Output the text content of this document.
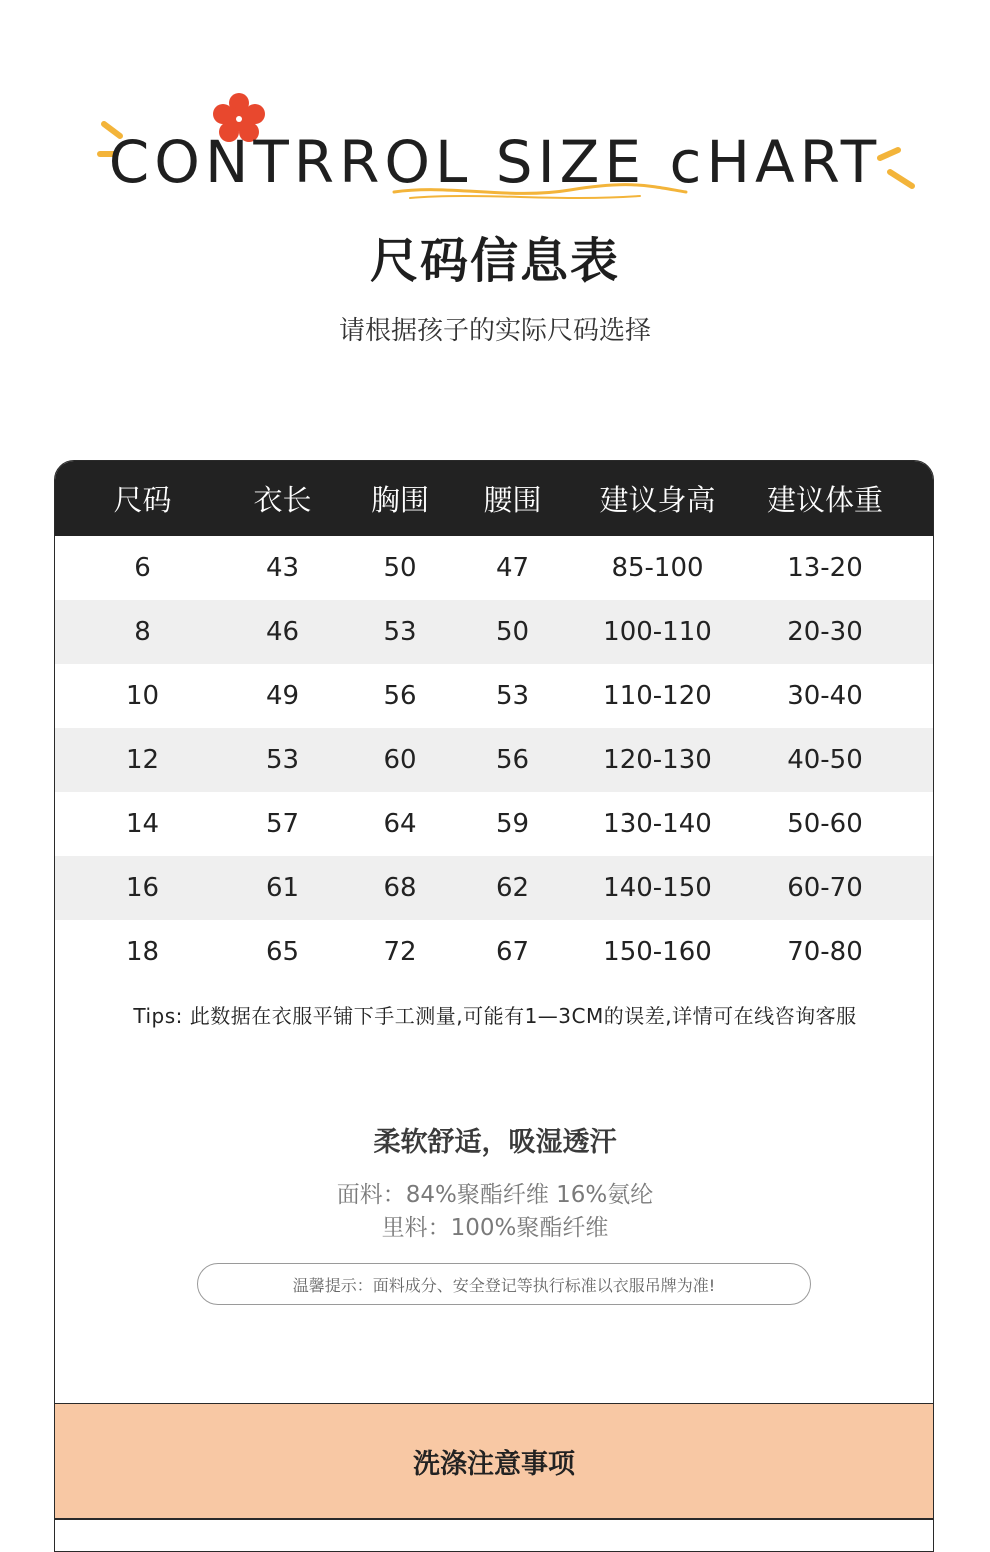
CONTRROL SIZE cHART
尺码信息表
请根据孩子的实际尺码选择
尺码	衣长	胸围	腰围	建议身高	建议体重
6	43	50	47	85-100	13-20
8	46	53	50	100-110	20-30
10	49	56	53	110-120	30-40
12	53	60	56	120-130	40-50
14	57	64	59	130-140	50-60
16	61	68	62	140-150	60-70
18	65	72	67	150-160	70-80
洗涤注意事项
Tips: 此数据在衣服平铺下手工测量,可能有1—3CM的误差,详情可在线咨询客服
柔软舒适，吸湿透汗
面料：84%聚酯纤维 16%氨纶
里料：100%聚酯纤维
温馨提示：面料成分、安全登记等执行标准以衣服吊牌为准!
